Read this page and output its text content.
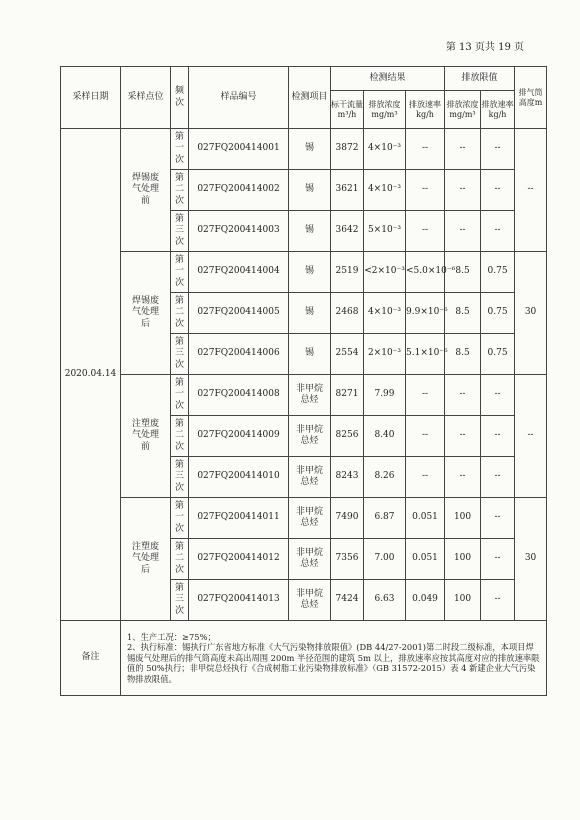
第 13 页共 19 页
采样日期	采样点位	频次	样品编号	检测项目	检测结果			排放限值		排气筒高度m
					标干流量m³/h	排放浓度mg/m³	排放速率kg/h	排放浓度mg/m³	排放速率kg/h	
2020.04.14	焊锡废气处理前	第一次	027FQ200414001	锡	3872	4×10⁻³	--	--	--	--
		第二次	027FQ200414002	锡	3621	4×10⁻³	--	--	--	
		第三次	027FQ200414003	锡	3642	5×10⁻³	--	--	--	
	焊锡废气处理后	第一次	027FQ200414004	锡	2519	<2×10⁻³	<5.0×10⁻⁶	8.5	0.75	30
		第二次	027FQ200414005	锡	2468	4×10⁻³	9.9×10⁻⁶	8.5	0.75	
		第三次	027FQ200414006	锡	2554	2×10⁻³	5.1×10⁻⁶	8.5	0.75	
	注塑废气处理前	第一次	027FQ200414008	非甲烷总烃	8271	7.99	--	--	--	--
		第二次	027FQ200414009	非甲烷总烃	8256	8.40	--	--	--	
		第三次	027FQ200414010	非甲烷总烃	8243	8.26	--	--	--	
	注塑废气处理后	第一次	027FQ200414011	非甲烷总烃	7490	6.87	0.051	100	--	30
		第二次	027FQ200414012	非甲烷总烃	7356	7.00	0.051	100	--	
		第三次	027FQ200414013	非甲烷总烃	7424	6.63	0.049	100	--	
备注	1、生产工况：≥75%；
2、执行标准：锡执行广东省地方标准《大气污染物排放限值》(DB 44/27-2001)第二时段二级标准，本项目焊锡废气处理后的排气筒高度未高出周围 200m 半径范围的建筑 5m 以上，排放速率应按其高度对应的排放速率限值的 50%执行；非甲烷总烃执行《合成树脂工业污染物排放标准》（GB 31572-2015）表 4 新建企业大气污染物排放限值。									
